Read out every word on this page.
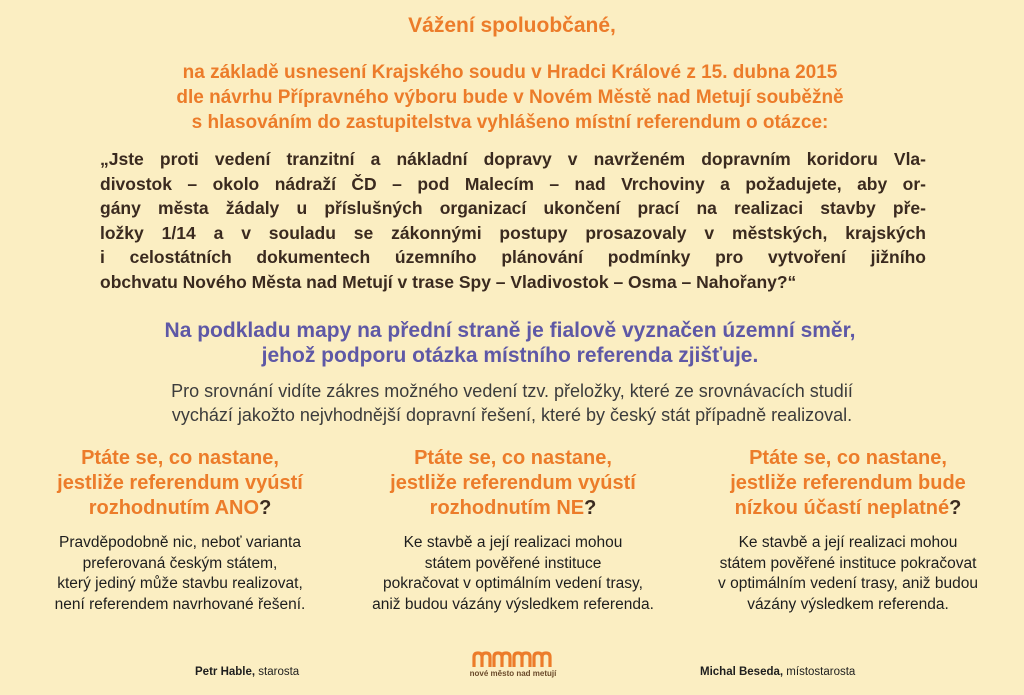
Vážení spoluobčané,
na základě usnesení Krajského soudu v Hradci Králové z 15. dubna 2015
dle návrhu Přípravného výboru bude v Novém Městě nad Metují souběžně
s hlasováním do zastupitelstva vyhlášeno místní referendum o otázce:
„Jste proti vedení tranzitní a nákladní dopravy v navrženém dopravním koridoru Vla-
divostok – okolo nádraží ČD – pod Malecím – nad Vrchoviny a požadujete, aby or-
gány města žádaly u příslušných organizací ukončení prací na realizaci stavby pře-
ložky 1/14 a v souladu se zákonnými postupy prosazovaly v městských, krajských
i celostátních dokumentech územního plánování podmínky pro vytvoření jižního
obchvatu Nového Města nad Metují v trase Spy – Vladivostok – Osma – Nahořany?“
Na podkladu mapy na přední straně je fialově vyznačen územní směr,
jehož podporu otázka místního referenda zjišťuje.
Pro srovnání vidíte zákres možného vedení tzv. přeložky, které ze srovnávacích studií
vychází jakožto nejvhodnější dopravní řešení, které by český stát případně realizoval.
Ptáte se, co nastane,
jestliže referendum vyústí
rozhodnutím ANO?
Pravděpodobně nic, neboť varianta
preferovaná českým státem,
který jediný může stavbu realizovat,
není referendem navrhované řešení.
Ptáte se, co nastane,
jestliže referendum vyústí
rozhodnutím NE?
Ke stavbě a její realizaci mohou
státem pověřené instituce
pokračovat v optimálním vedení trasy,
aniž budou vázány výsledkem referenda.
Ptáte se, co nastane,
jestliže referendum bude
nízkou účastí neplatné?
Ke stavbě a její realizaci mohou
státem pověřené instituce pokračovat
v optimálním vedení trasy, aniž budou
vázány výsledkem referenda.
Petr Hable, starosta	nové město nad metují	Michal Beseda, místostarosta
